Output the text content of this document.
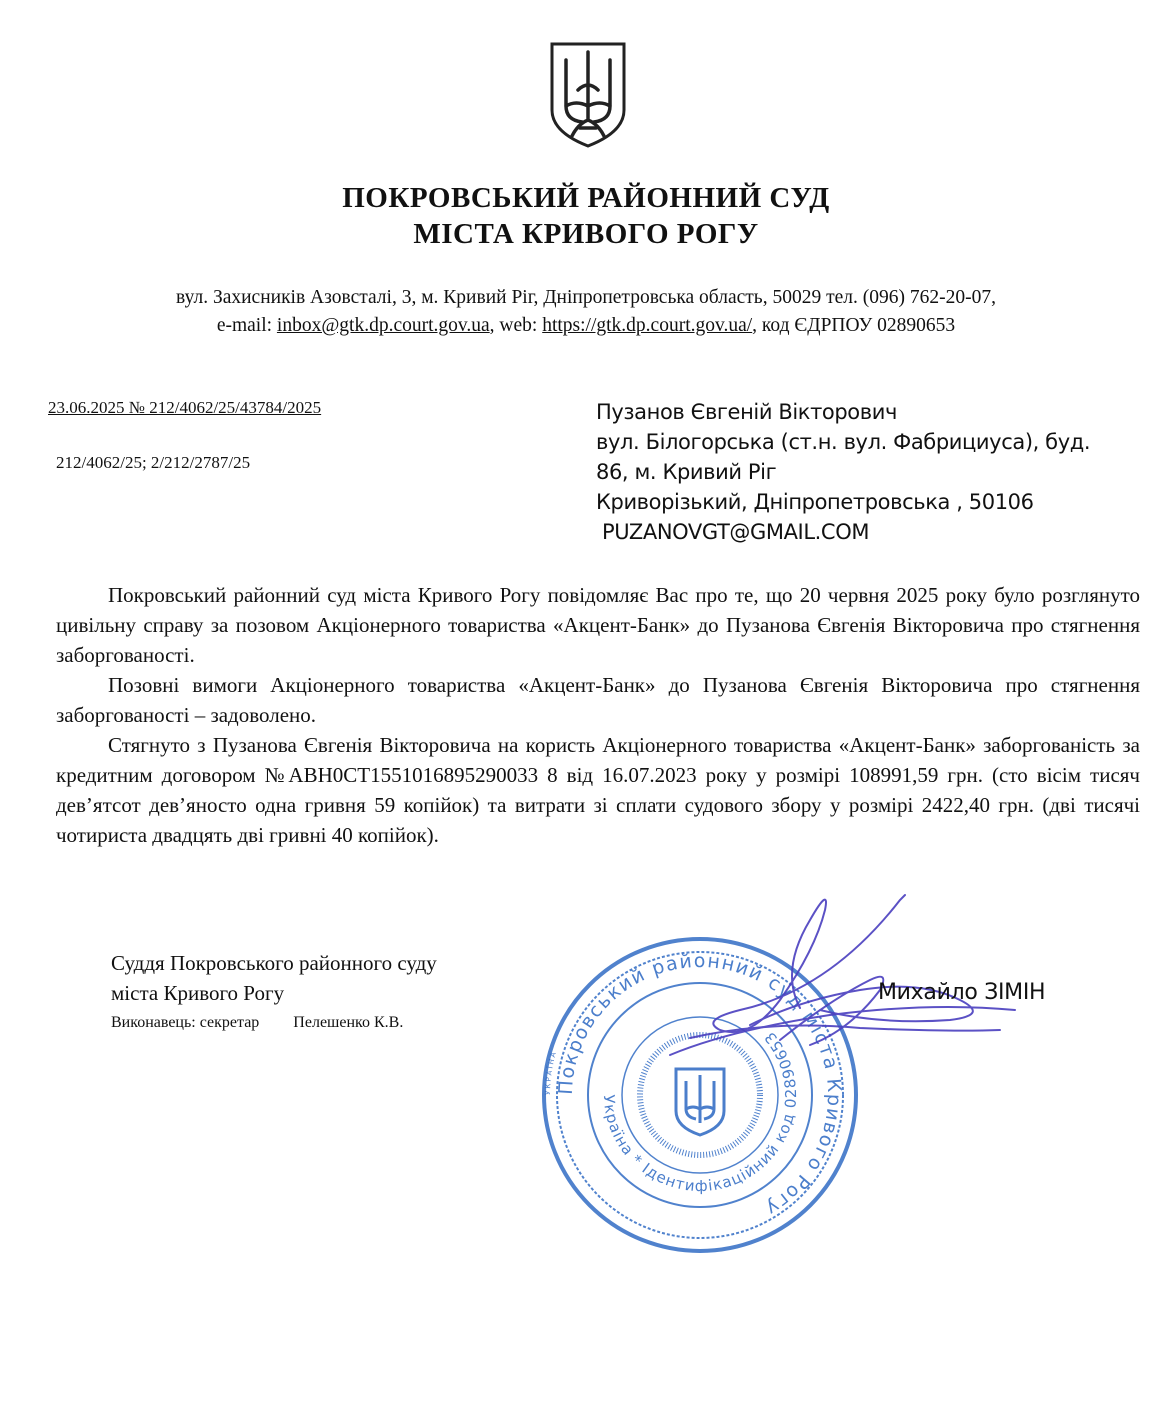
ПОКРОВСЬКИЙ РАЙОННИЙ СУД
МІСТА КРИВОГО РОГУ
вул. Захисників Азовсталі, 3, м. Кривий Ріг, Дніпропетровська область, 50029 тел. (096) 762-20-07,
e-mail: inbox@gtk.dp.court.gov.ua, web: https://gtk.dp.court.gov.ua/, код ЄДРПОУ 02890653
23.06.2025 № 212/4062/25/43784/2025
212/4062/25; 2/212/2787/25
Пузанов Євгеній Вікторович
вул. Білогорська (ст.н. вул. Фабрициуса), буд.
86, м. Кривий Ріг
Криворізький, Дніпропетровська , 50106
PUZANOVGT@GMAIL.COM

Покровський районний суд міста Кривого Рогу повідомляє Вас про те, що 20 червня 2025 року було розглянуто цивільну справу за позовом Акціонерного товариства «Акцент-Банк» до Пузанова Євгенія Вікторовича про стягнення заборгованості.

Позовні вимоги Акціонерного товариства «Акцент-Банк» до Пузанова Євгенія Вікторовича про стягнення заборгованості – задоволено.

Стягнуто з Пузанова Євгенія Вікторовича на користь Акціонерного товариства «Акцент-Банк» заборгованість за кредитним договором №ABH0CT1551016895290033 8 від 16.07.2023 року у розмірі 108991,59 грн. (сто вісім тисяч дев’ятсот дев’яносто одна гривня 59 копійок) та витрати зі сплати судового збору у розмірі 2422,40 грн. (дві тисячі чотириста двадцять дві гривні 40 копійок).

Суддя Покровського районного суду
міста Кривого Рогу
Виконавець: секретар Пелешенко К.В.
УКРАЇНА
Покровський районний суд міста Кривого Рогу
Україна * Ідентифікаційний код 02890653
Михайло ЗІМІН
